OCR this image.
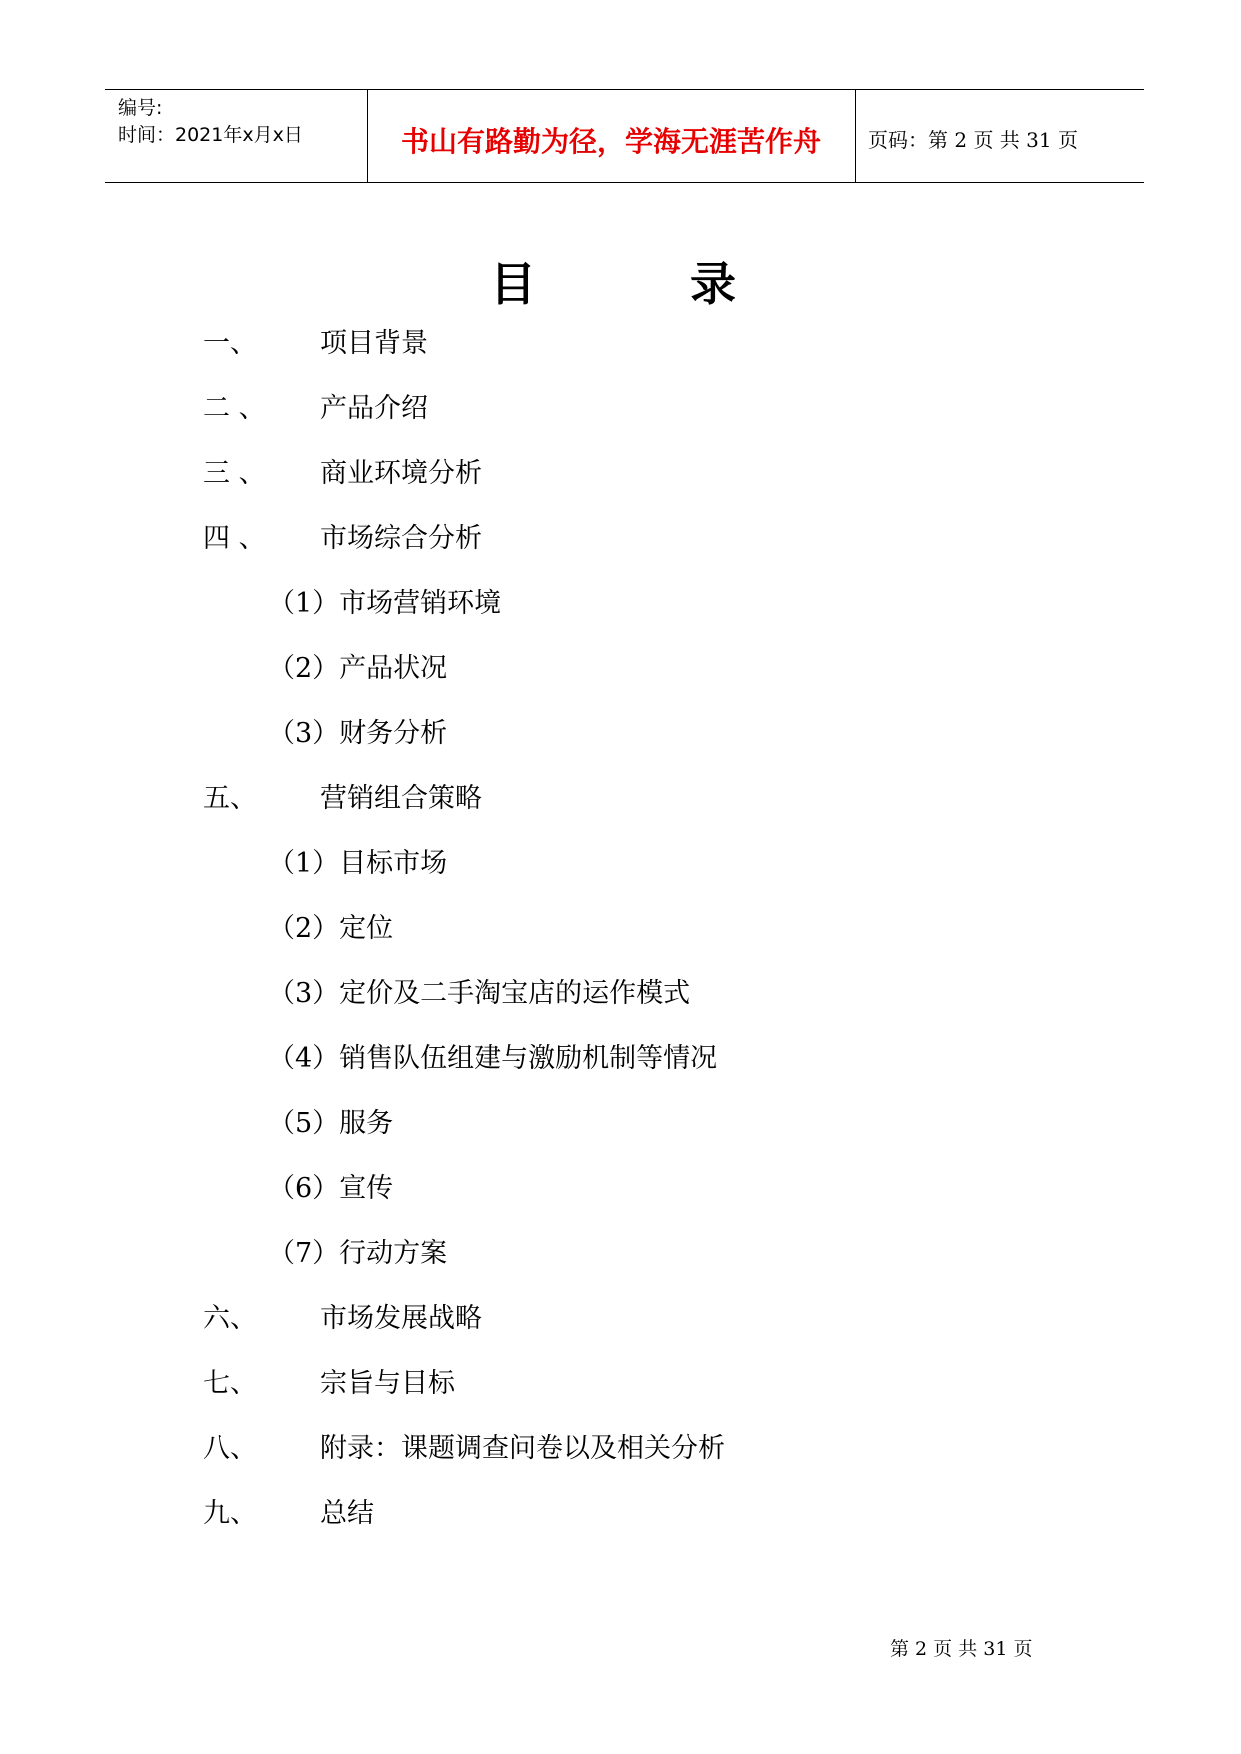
编号:
时间：2021年x月x日	书山有路勤为径，学海无涯苦作舟	页码：第 2 页 共 31 页
目	录
一、 项目背景
二 、 产品介绍
三 、 商业环境分析
四 、 市场综合分析
（1）市场营销环境
（2）产品状况
（3）财务分析
五、 营销组合策略
（1）目标市场
（2）定位
（3）定价及二手淘宝店的运作模式
（4）销售队伍组建与激励机制等情况
（5）服务
（6）宣传
（7）行动方案
六、 市场发展战略
七、 宗旨与目标
八、 附录：课题调查问卷以及相关分析
九、 总结
第 2 页 共 31 页
